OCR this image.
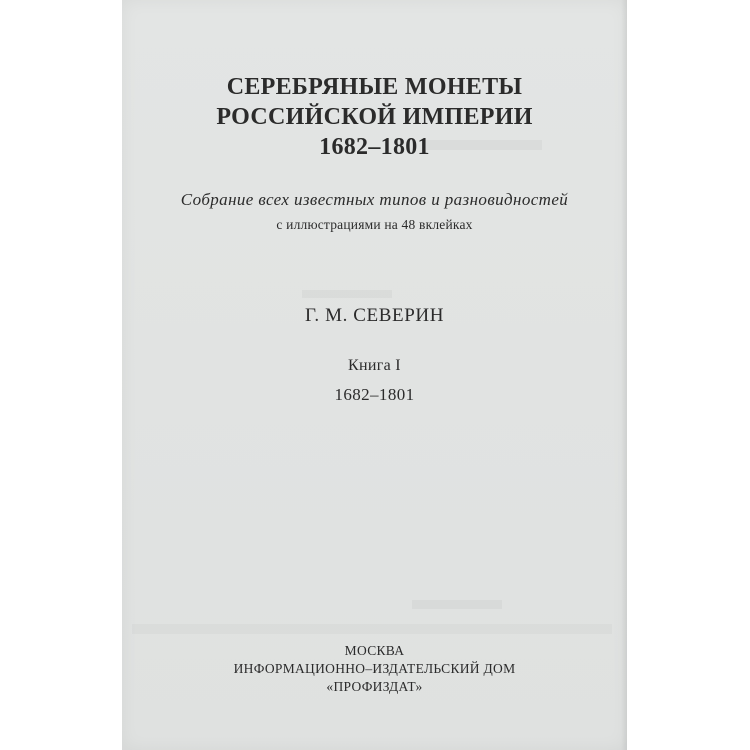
СЕРЕБРЯНЫЕ МОНЕТЫ
РОССИЙСКОЙ ИМПЕРИИ
1682–1801
Собрание всех известных типов и разновидностей
с иллюстрациями на 48 вклейках
Г. М. СЕВЕРИН
Книга I
1682–1801
МОСКВА
ИНФОРМАЦИОННО–ИЗДАТЕЛЬСКИЙ ДОМ
«ПРОФИЗДАТ»
